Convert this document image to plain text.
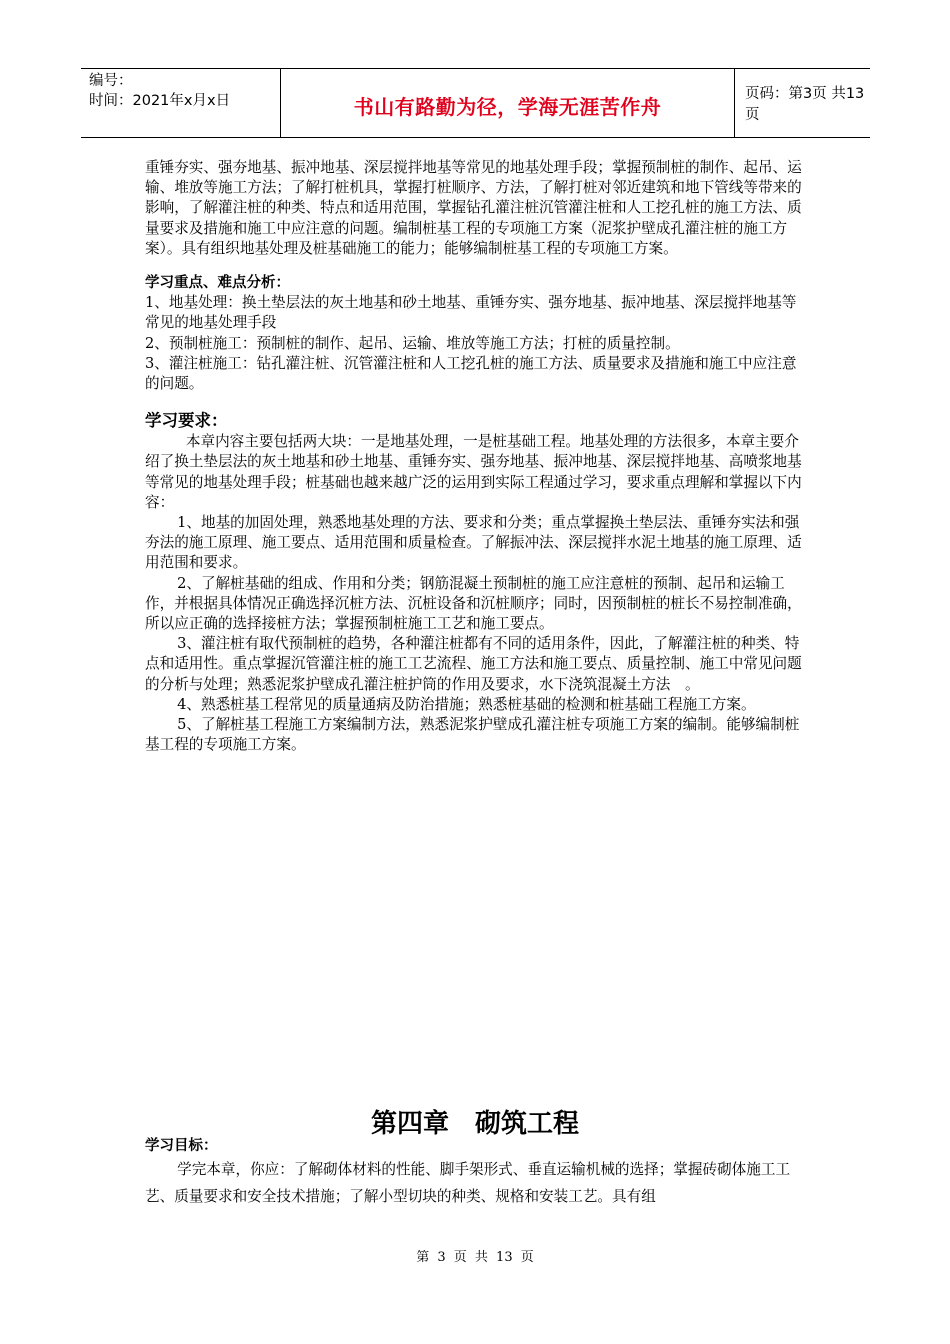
编号：
时间：2021年x月x日	书山有路勤为径，学海无涯苦作舟
页码：第3页 共13页

重锤夯实、强夯地基、振冲地基、深层搅拌地基等常见的地基处理手段；掌握预制桩的制作、起吊、运输、堆放等施工方法；了解打桩机具，掌握打桩顺序、方法，了解打桩对邻近建筑和地下管线等带来的影响，了解灌注桩的种类、特点和适用范围，掌握钻孔灌注桩沉管灌注桩和人工挖孔桩的施工方法、质量要求及措施和施工中应注意的问题。编制桩基工程的专项施工方案（泥浆护壁成孔灌注桩的施工方案）。具有组织地基处理及桩基础施工的能力；能够编制桩基工程的专项施工方案。

学习重点、难点分析：

1、地基处理：换土垫层法的灰土地基和砂土地基、重锤夯实、强夯地基、振冲地基、深层搅拌地基等常见的地基处理手段

2、预制桩施工：预制桩的制作、起吊、运输、堆放等施工方法；打桩的质量控制。

3、灌注桩施工：钻孔灌注桩、沉管灌注桩和人工挖孔桩的施工方法、质量要求及措施和施工中应注意的问题。

学习要求：

本章内容主要包括两大块：一是地基处理，一是桩基础工程。地基处理的方法很多，本章主要介绍了换土垫层法的灰土地基和砂土地基、重锤夯实、强夯地基、振冲地基、深层搅拌地基、高喷浆地基等常见的地基处理手段；桩基础也越来越广泛的运用到实际工程通过学习，要求重点理解和掌握以下内容：

1、地基的加固处理，熟悉地基处理的方法、要求和分类；重点掌握换土垫层法、重锤夯实法和强夯法的施工原理、施工要点、适用范围和质量检查。了解振冲法、深层搅拌水泥土地基的施工原理、适用范围和要求。

2、了解桩基础的组成、作用和分类；钢筋混凝土预制桩的施工应注意桩的预制、起吊和运输工作，并根据具体情况正确选择沉桩方法、沉桩设备和沉桩顺序；同时，因预制桩的桩长不易控制准确，所以应正确的选择接桩方法；掌握预制桩施工工艺和施工要点。

3、灌注桩有取代预制桩的趋势，各种灌注桩都有不同的适用条件，因此，了解灌注桩的种类、特点和适用性。重点掌握沉管灌注桩的施工工艺流程、施工方法和施工要点、质量控制、施工中常见问题的分析与处理；熟悉泥浆护壁成孔灌注桩护筒的作用及要求，水下浇筑混凝土方法　。

4、熟悉桩基工程常见的质量通病及防治措施；熟悉桩基础的检测和桩基础工程施工方案。

5、了解桩基工程施工方案编制方法，熟悉泥浆护壁成孔灌注桩专项施工方案的编制。能够编制桩基工程的专项施工方案。

第四章　砌筑工程

学习目标：

学完本章，你应：了解砌体材料的性能、脚手架形式、垂直运输机械的选择；掌握砖砌体施工工艺、质量要求和安全技术措施；了解小型切块的种类、规格和安装工艺。具有组

第 3 页 共 13 页
